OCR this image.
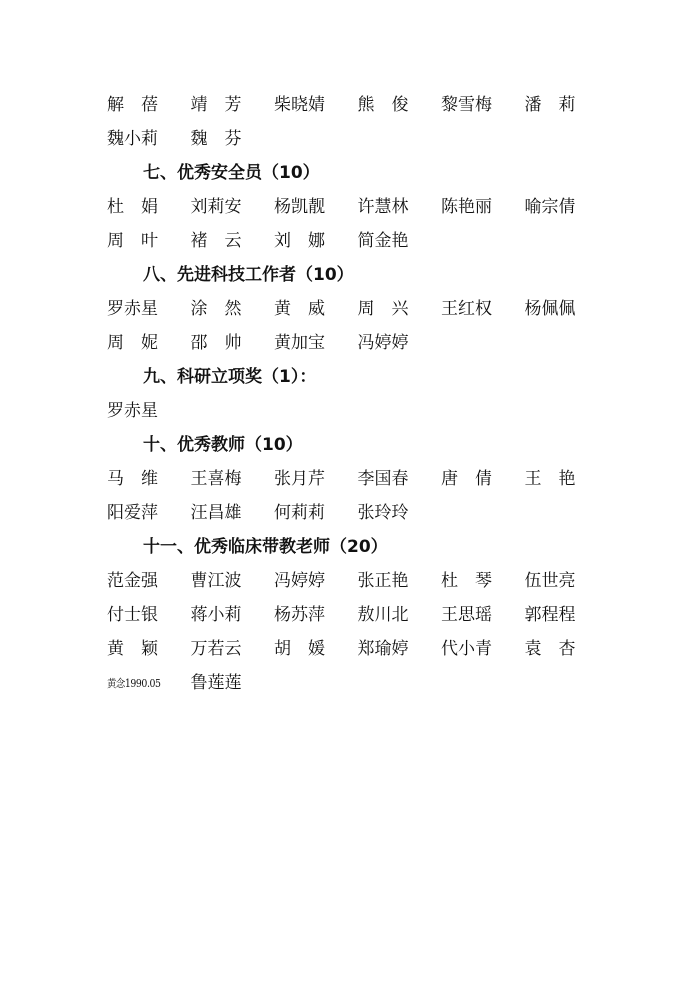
解　蓓 靖　芳 柴晓婧 熊　俊 黎雪梅 潘　莉
魏小莉 魏　芬
七、优秀安全员（10）
杜　娟 刘莉安 杨凯靓 许慧林 陈艳丽 喻宗倩
周　叶 褚　云 刘　娜 简金艳
八、先进科技工作者（10）
罗赤星 涂　然 黄　威 周　兴 王红权 杨佩佩
周　妮 邵　帅 黄加宝 冯婷婷
九、科研立项奖（1）：
罗赤星
十、优秀教师（10）
马　维 王喜梅 张月芹 李国春 唐　倩 王　艳
阳爱萍 汪昌雄 何莉莉 张玲玲
十一、优秀临床带教老师（20）
范金强 曹江波 冯婷婷 张正艳 杜　琴 伍世亮
付士银 蒋小莉 杨苏萍 敖川北 王思瑶 郭程程
黄　颖 万若云 胡　媛 郑瑜婷 代小青 袁　杏
黄念1990.05 鲁莲莲
